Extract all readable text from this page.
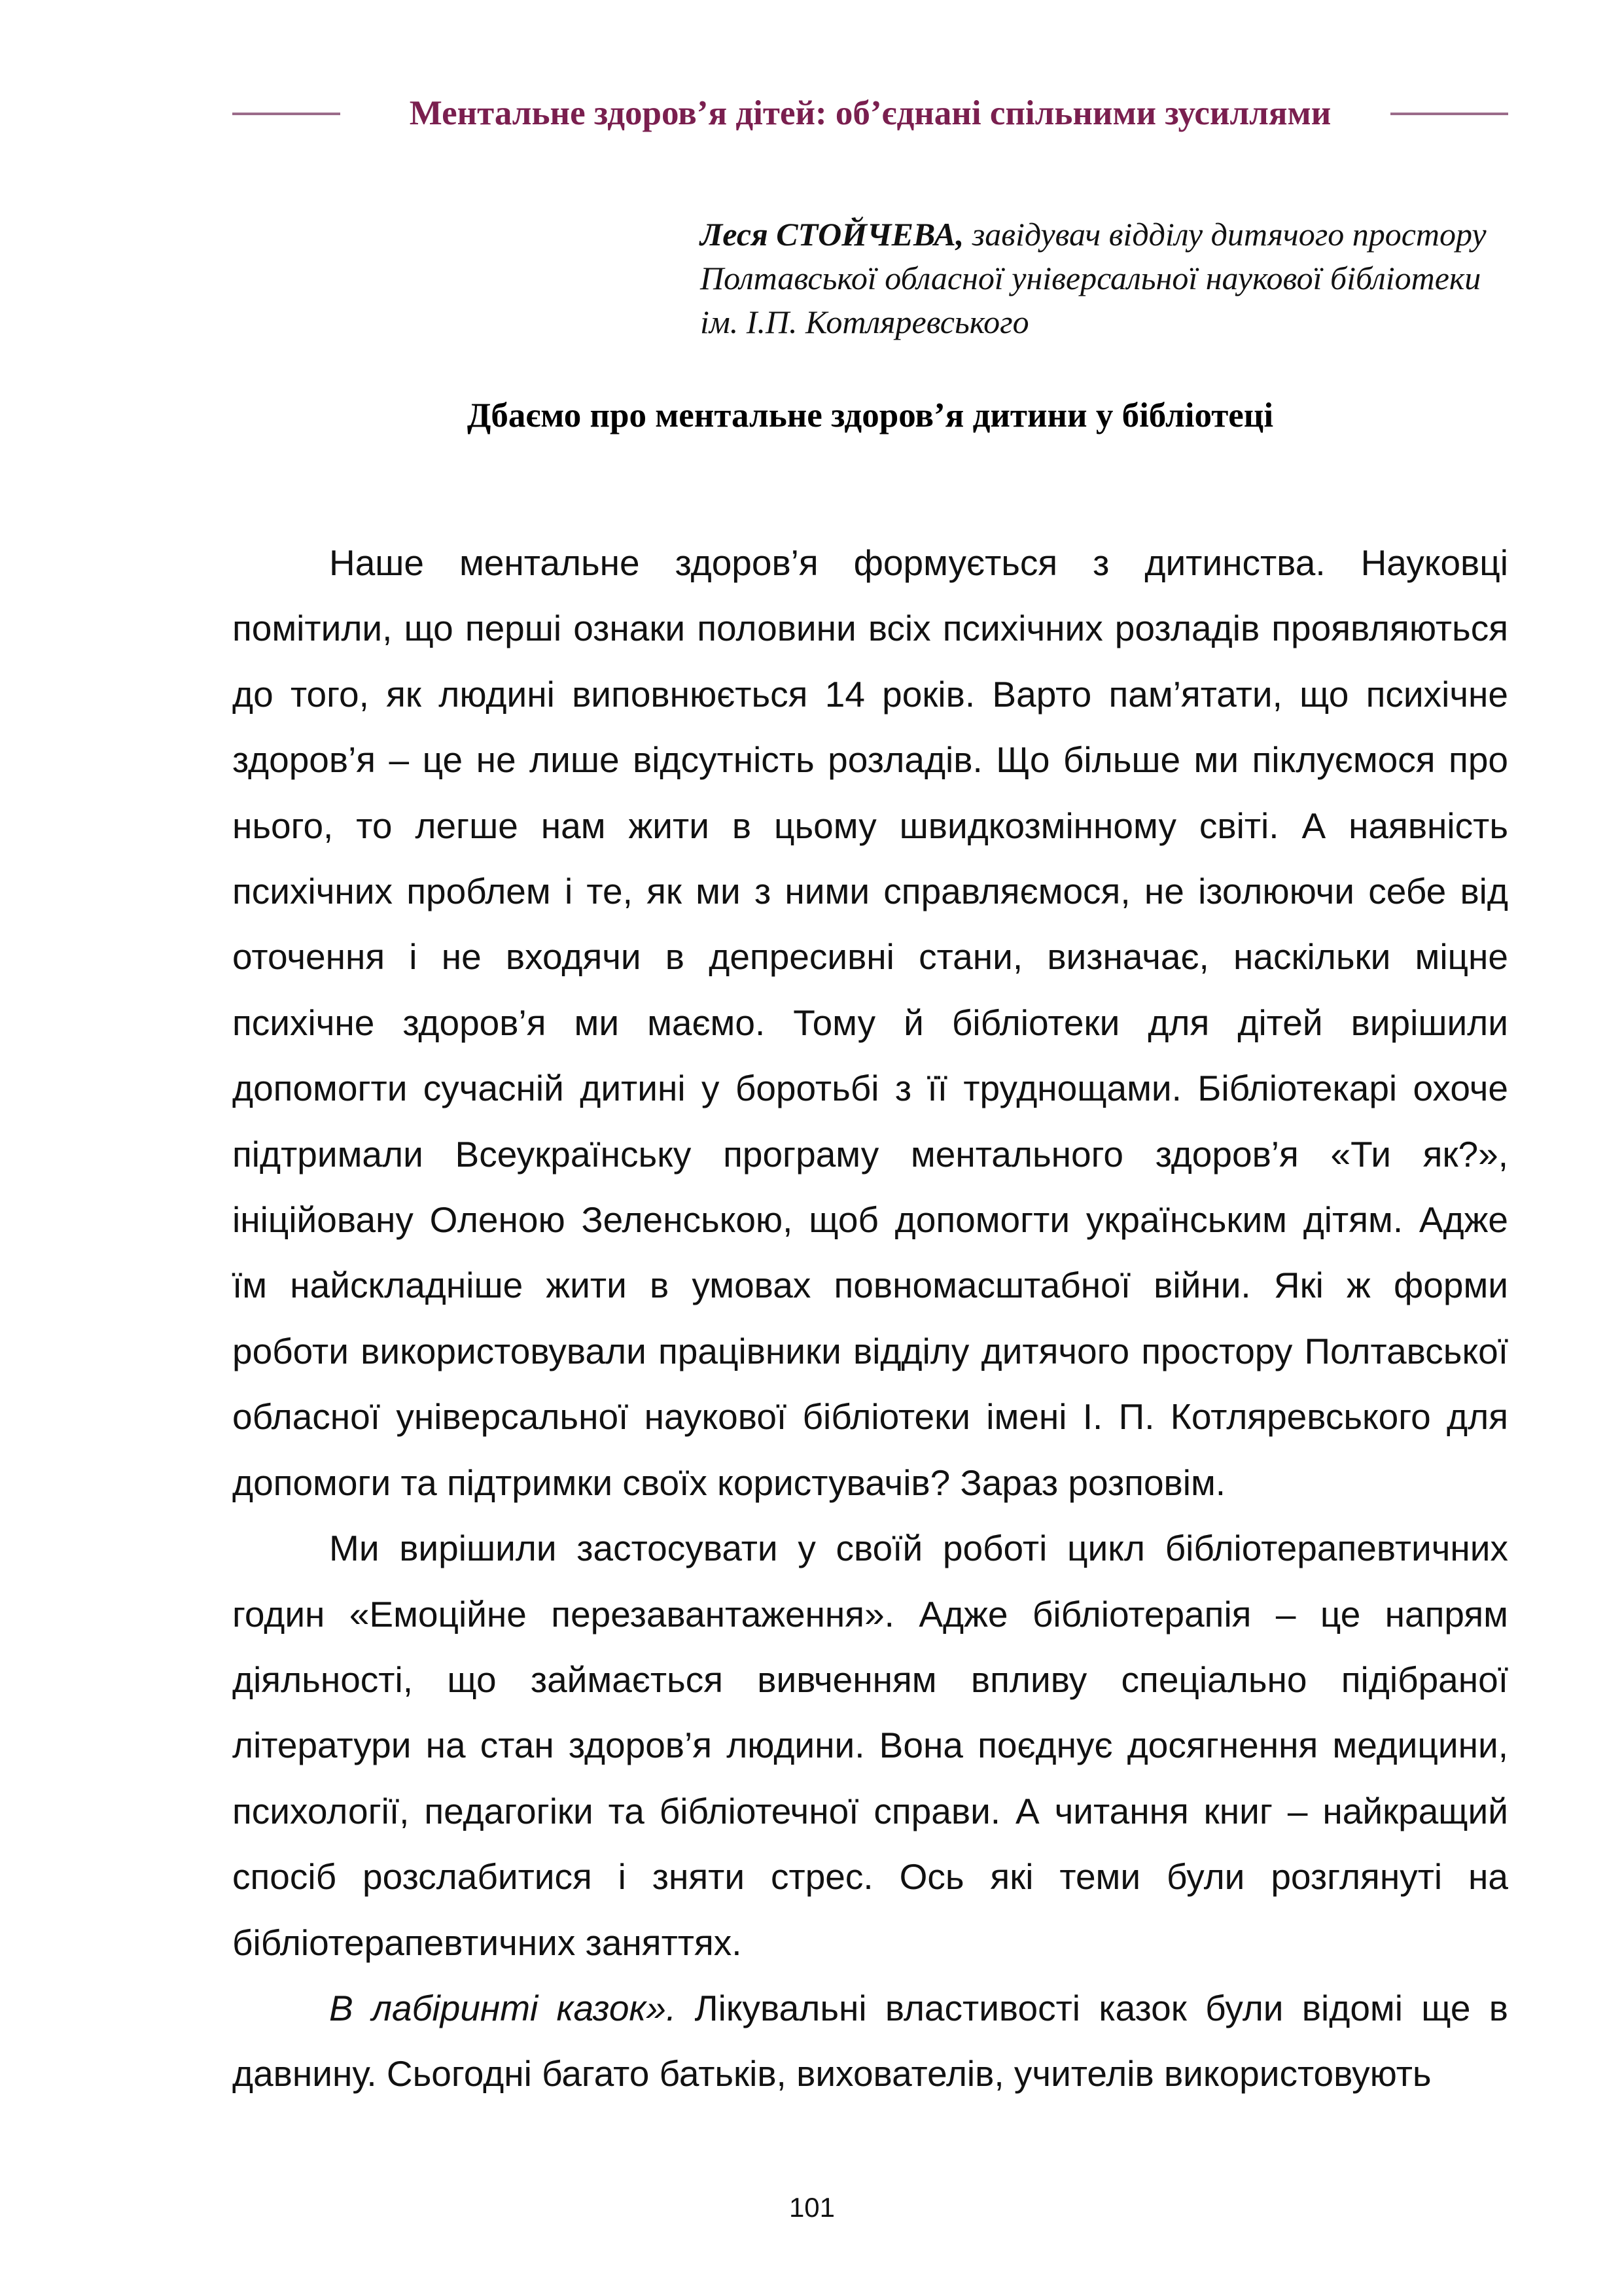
Ментальне здоров’я дітей: об’єднані спільними зусиллями
Леся СТОЙЧЕВА, завідувач відділу дитячого простору Полтавської обласної універсальної наукової бібліотеки ім. І.П. Котляревського
Дбаємо про ментальне здоров’я дитини у бібліотеці

Наше ментальне здоров’я формується з дитинства. Науковці помітили, що перші ознаки половини всіх психічних розладів проявляються до того, як людині виповнюється 14 років. Варто пам’ятати, що психічне здоров’я – це не лише відсутність розладів. Що більше ми піклуємося про нього, то легше нам жити в цьому швидкозмінному світі. А наявність психічних проблем і те, як ми з ними справляємося, не ізолюючи себе від оточення і не входячи в депресивні стани, визначає, наскільки міцне психічне здоров’я ми маємо. Тому й бібліотеки для дітей вирішили допомогти сучасній дитині у боротьбі з її труднощами. Бібліотекарі охоче підтримали Всеукраїнську програму ментального здоров’я «Ти як?», ініційовану Оленою Зеленською, щоб допомогти українським дітям. Адже їм найскладніше жити в умовах повномасштабної війни. Які ж форми роботи використовували працівники відділу дитячого простору Полтавської обласної універсальної наукової бібліотеки імені І. П. Котляревського для допомоги та підтримки своїх користувачів? Зараз розповім.

Ми вирішили застосувати у своїй роботі цикл бібліотерапевтичних годин «Емоційне перезавантаження». Адже бібліотерапія – це напрям діяльності, що займається вивченням впливу спеціально підібраної літератури на стан здоров’я людини. Вона поєднує досягнення медицини, психології, педагогіки та бібліотечної справи. А читання книг – найкращий спосіб розслабитися і зняти стрес. Ось які теми були розглянуті на бібліотерапевтичних заняттях.

В лабіринті казок». Лікувальні властивості казок були відомі ще в давнину. Сьогодні багато батьків, вихователів, учителів використовують

101
